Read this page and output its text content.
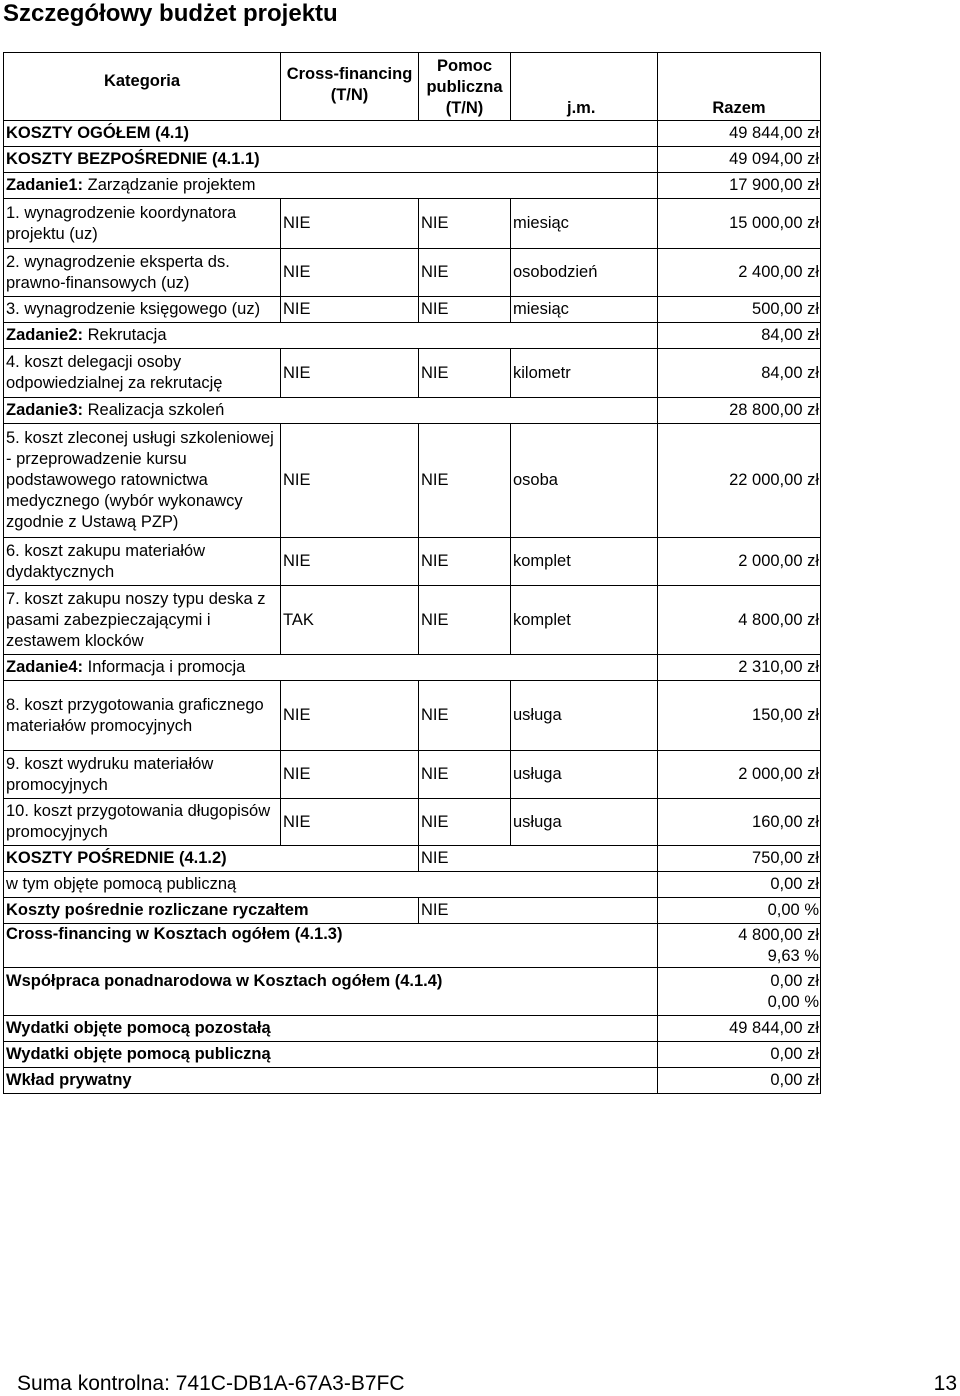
Szczegółowy budżet projektu
Kategoria	Cross-financing (T/N)	Pomoc publiczna (T/N)	j.m.	Razem
KOSZTY OGÓŁEM (4.1)				49 844,00 zł
KOSZTY BEZPOŚREDNIE (4.1.1)				49 094,00 zł
Zadanie1: Zarządzanie projektem				17 900,00 zł
1. wynagrodzenie koordynatora projektu (uz)	NIE	NIE	miesiąc	15 000,00 zł
2. wynagrodzenie eksperta ds. prawno-finansowych (uz)	NIE	NIE	osobodzień	2 400,00 zł
3. wynagrodzenie księgowego (uz)	NIE	NIE	miesiąc	500,00 zł
Zadanie2: Rekrutacja				84,00 zł
4. koszt delegacji osoby odpowiedzialnej za rekrutację	NIE	NIE	kilometr	84,00 zł
Zadanie3: Realizacja szkoleń				28 800,00 zł
5. koszt zleconej usługi szkoleniowej - przeprowadzenie kursu podstawowego ratownictwa medycznego (wybór wykonawcy zgodnie z Ustawą PZP)	NIE	NIE	osoba	22 000,00 zł
6. koszt zakupu materiałów dydaktycznych	NIE	NIE	komplet	2 000,00 zł
7. koszt zakupu noszy typu deska z pasami zabezpieczającymi i zestawem klocków	TAK	NIE	komplet	4 800,00 zł
Zadanie4: Informacja i promocja				2 310,00 zł
8. koszt przygotowania graficznego materiałów promocyjnych	NIE	NIE	usługa	150,00 zł
9. koszt wydruku materiałów promocyjnych	NIE	NIE	usługa	2 000,00 zł
10. koszt przygotowania długopisów promocyjnych	NIE	NIE	usługa	160,00 zł
KOSZTY POŚREDNIE (4.1.2)		NIE		750,00 zł
w tym objęte pomocą publiczną				0,00 zł
Koszty pośrednie rozliczane ryczałtem		NIE		0,00 %
Cross-financing w Kosztach ogółem (4.1.3)				4 800,00 zł
9,63 %

Współpraca ponadnarodowa w Kosztach ogółem (4.1.4)				0,00 zł
0,00 %

Wydatki objęte pomocą pozostałą				49 844,00 zł
Wydatki objęte pomocą publiczną				0,00 zł
Wkład prywatny				0,00 zł
Suma kontrolna: 741C-DB1A-67A3-B7FC	13
